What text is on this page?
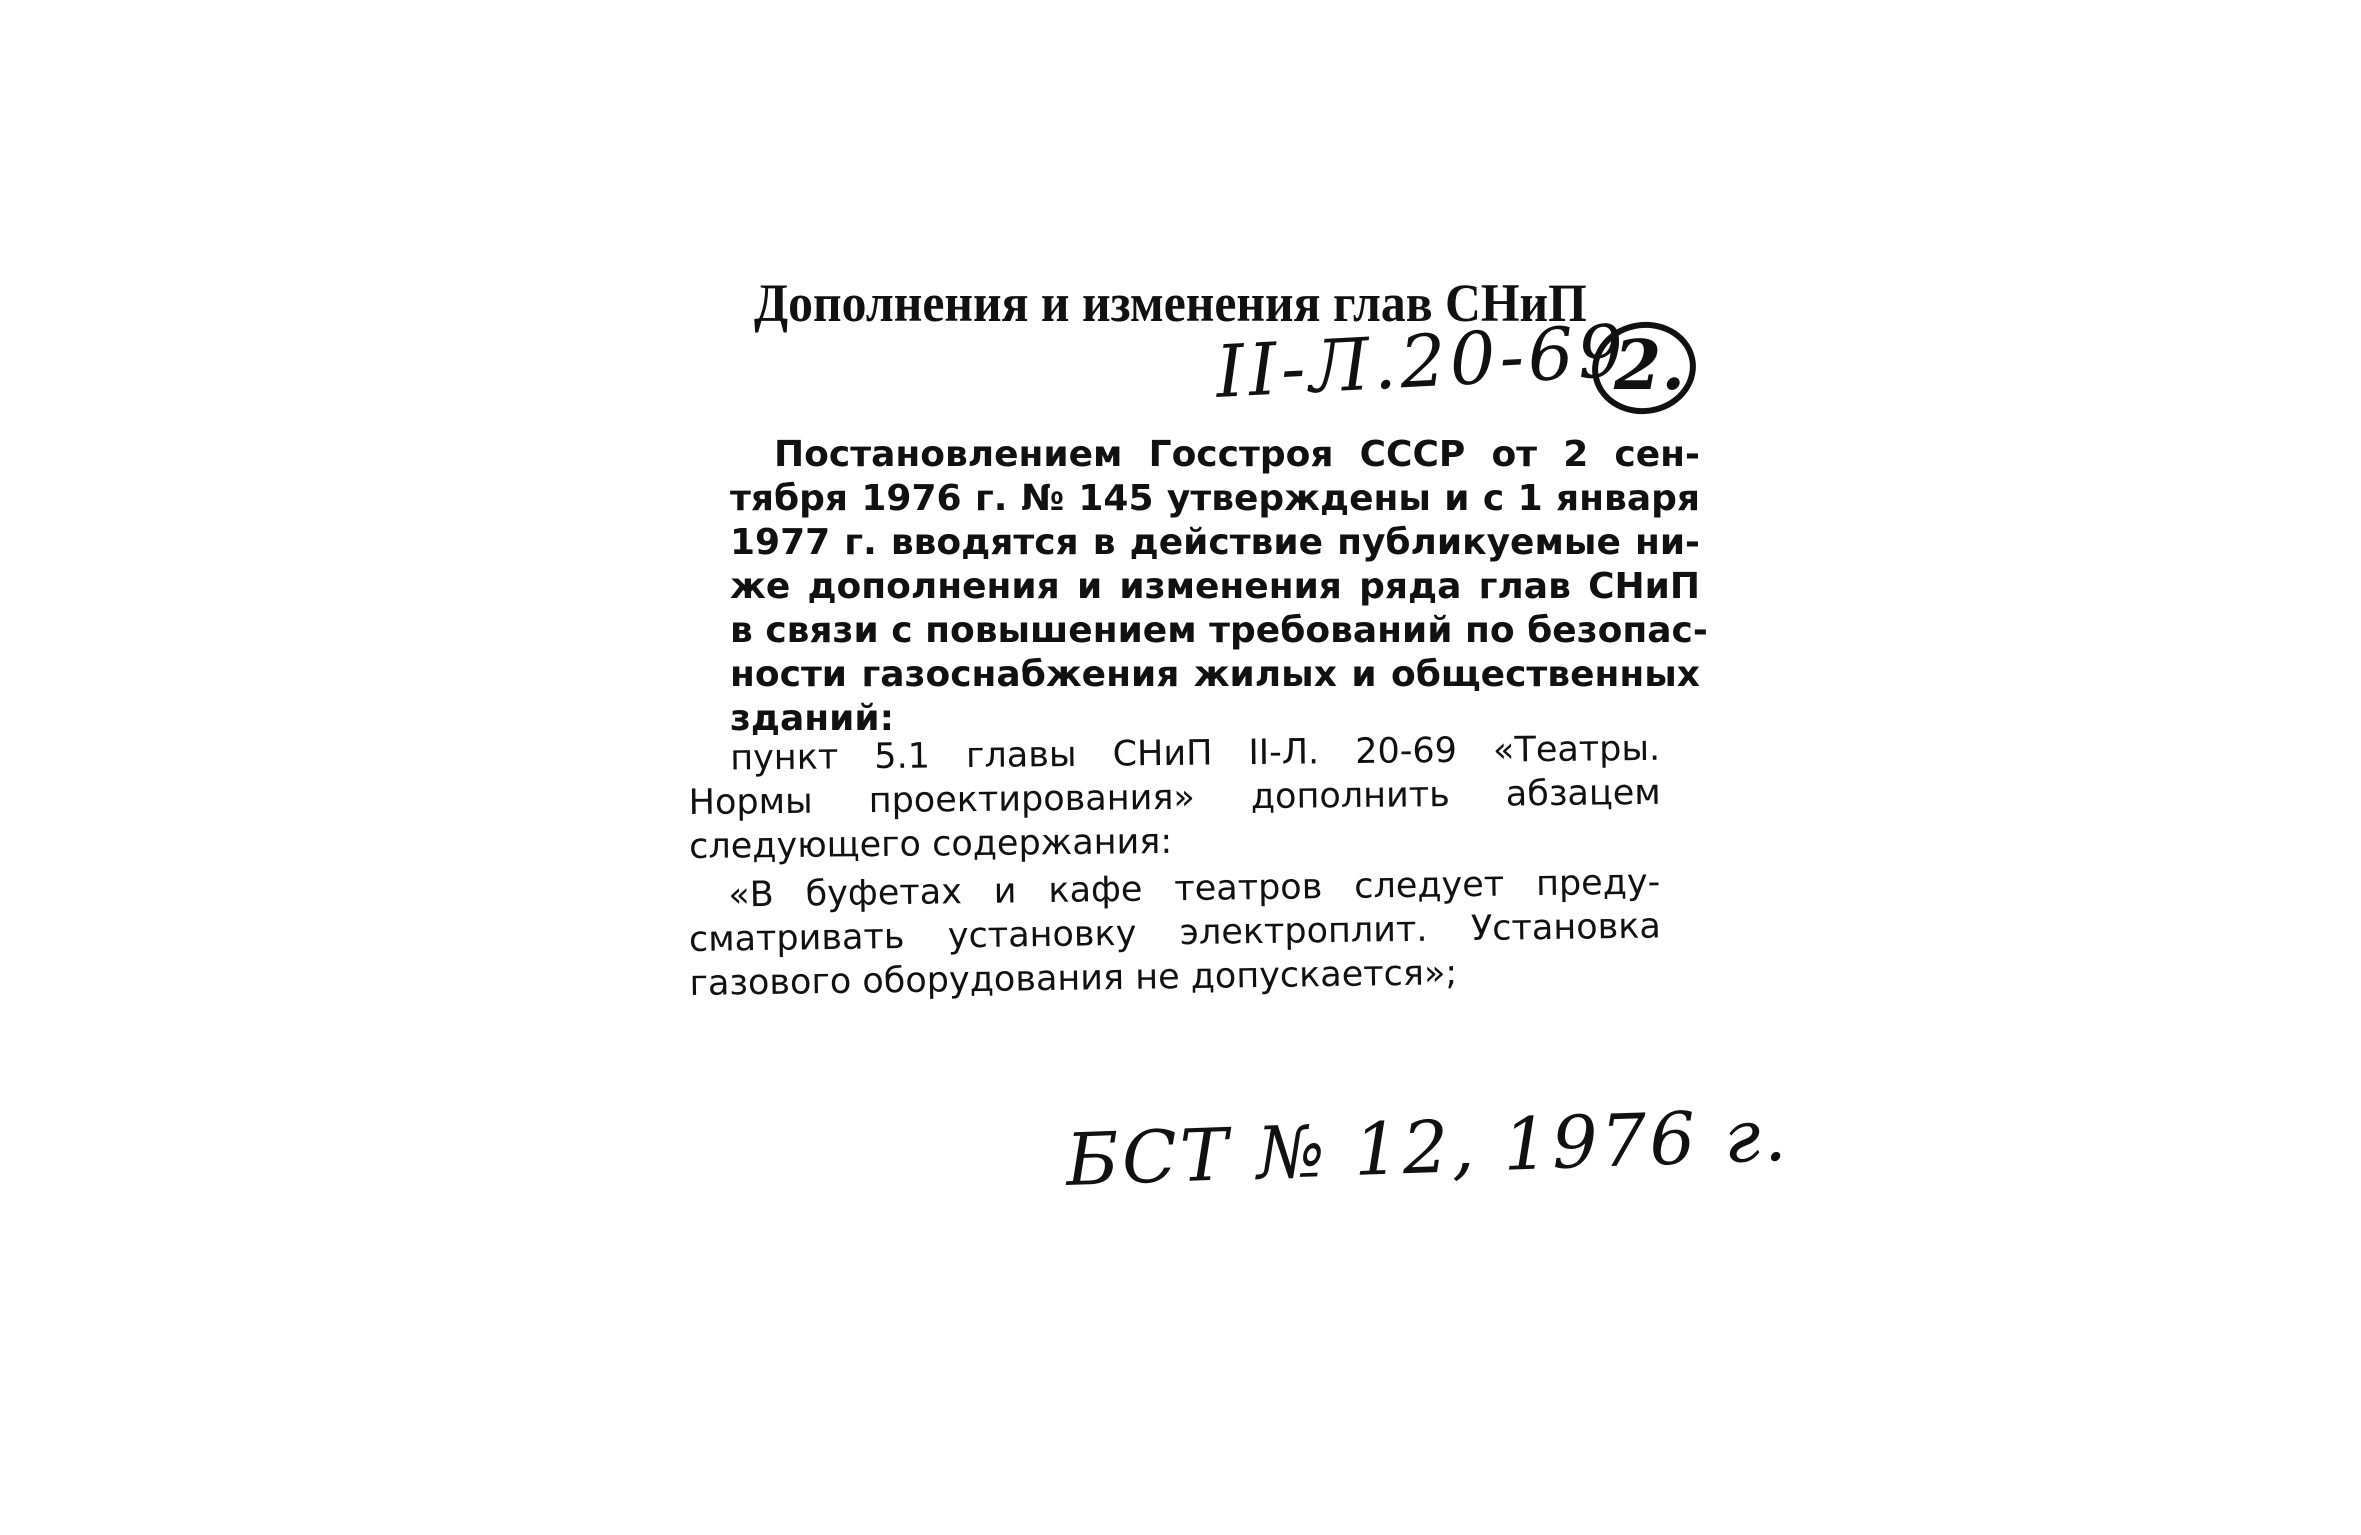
Дополнения и изменения глав СНиП
II-Л.20-69
2.
Постановлением Госстроя СССР от 2 сен-
тября 1976 г. № 145 утверждены и с 1 января
1977 г. вводятся в действие публикуемые ни-
же дополнения и изменения ряда глав СНиП
в связи с повышением требований по безопас-
ности газоснабжения жилых и общественных
зданий:
пункт 5.1 главы СНиП II-Л. 20-69 «Театры.
Нормы проектирования» дополнить абзацем
следующего содержания:
«В буфетах и кафе театров следует преду-
сматривать установку электроплит. Установка
газового оборудования не допускается»;
БСТ № 12, 1976 г.
